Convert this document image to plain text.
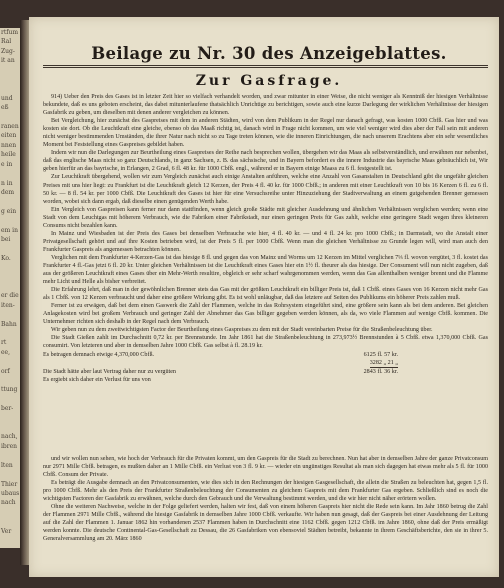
rtfum
Ral
Zug-
it an

und
eß

ranen
eiten
nnen
heile
e in

n in
dem

g ein

em in
bei

Ko.

er die
iten-

Bahn

rt
ee,

orf

ttung

ber-

nach,
ibren

lten

Thier
ubaus
nach

Ver
Beilage zu Nr. 30 des Anzeigeblattes.
Zur Gasfrage.

914) Ueber den Preis des Gases ist in letzter Zeit hier so vielfach verhandelt worden, und zwar mitunter in einer Weise, die nicht weniger als Kenntniß der hiesigen Verhältnisse bekundete, daß es uns geboten erscheint, das dabei mitunterlaufene thatsächlich Unrichtige zu berichtigen, sowie auch eine kurze Darlegung der wirklichen Verhältnisse der hiesigen Gasfabrik zu geben, um dieselben mit denen anderer vergleichen zu können.

Bei Vergleichung, hier zunächst des Gaspreises mit dem in anderen Städten, wird von dem Publikum in der Regel nur danach gefragt, was kosten 1000 Cbfß. Gas hier und was kosten sie dort. Ob die Leuchtkraft eine gleiche, ebenso ob das Maaß richtig ist, danach wird in Frage nicht kommen, um wie viel weniger wird dies aber der Fall sein mit anderen nicht weniger bestimmenden Umständen, die ihrer Natur nach nicht so zu Tage treten können, wie die inneren Einrichtungen, die nach unserem Erachtens aber ein sehr wesentliches Moment bei Feststellung eines Gaspreises gebildet haben.

Indem wir nun die Darlegungen zur Beurtheilung eines Gaspreises der Reihe nach besprechen wollen, übergehen wir das Maas als selbstverständlich, und erwähnen nur nebenbei, daß das englische Maas nicht so ganz Deutschlands, in ganz Sachsen, z. B. das sächsische, und in Bayern befordert es die innere Industrie das bayrische Maas gebräuchlich ist, Wir geben hierfür an das bayrische, in Erlangen, 2 Grad, 6 fl. 48 kr. für 1000 Cbfß. engl., während er in Bayern einige Maass zu 6 fl. festgestellt ist.

Zur Leuchtkraft übergehend, wollen wir zum Vergleich zunächst auch einige Anstalten anführen, welche eine Anzahl von Gasanstalten in Deutschland gibt die ungefähr gleichen Preises mit uns hier liegt: zu Frankfurt ist die Leuchtkraft gleich 12 Kerzen, der Preis 4 fl. 40 kr. für 1000 Cbfß.; in anderen mit einer Leuchtkraft von 10 bis 16 Kerzen 6 fl. zu 6 fl. 50 kr. — 8 fl. 54 kr. per 1000 Cbfß. Die Leuchtkraft des Gases ist hier für eine Versuchsreihe unter Hinzuziehung der Stadtverwaltung an einem gutgehenden Brenner gemessen worden, wobei sich dann ergab, daß dieselbe einen genügenden Werth habe.

Ein Vergleich von Gaspreisen kann ferner nur dann stattfinden, wenn gleich große Städte mit gleicher Ausdehnung und ähnlichen Verhältnissen verglichen werden; wenn eine Stadt von dem Leuchtgas mit höherem Verbrauch, wie die Fabriken einer Fabrikstadt, nur einen geringen Preis für Gas zahlt, welche eine geringere Stadt wegen ihres kleineren Consums nicht bezahlen kann.

In Mainz und Wiesbaden ist der Preis des Gases bei denselben Verbrauche wie hier, 4 fl. 40 kr. — und 4 fl. 24 kr. pro 1000 Cbfß.; in Darmstadt, wo die Anstalt einer Privatgesellschaft gehört und auf ihre Kosten betrieben wird, ist der Preis 5 fl. per 1000 Cbfß. Wenn man die gleichen Verhältnisse zu Grunde legen will, wird man auch den Frankfurter Gaspreis als angemessen betrachten können.

Verglichen mit dem Frankfurter 4-Kerzen-Gas ist das hiesige 8 fl. und gegen das von Mainz und Worms um 12 Kerzen im Mittel verglichen 7⅓ fl. wovon vergütet, 3 fl. kostet das Frankfurter 4 fl.-Gas jetzt 6 fl. 20 kr. Unter gleichen Verhältnissen ist die Leuchtkraft eines Gases hier ein 1½ fl. theurer als das hiesige. Der Consument will nun nicht zugeben, daß aus der größeren Leuchtkraft eines Gases über ein Mehr-Werth resultire, obgleich er sehr scharf wahrgenommen werden, wenn das Gas allenthalben weniger brennt und die Flamme mehr Licht und Helle als bisher verbreitet.

Die Erfahrung lehrt, daß man in der gewöhnlichen Brenner stets das Gas mit der größten Leuchtkraft ein billiger Preis ist, daß 1 Cbfß. eines Gases von 16 Kerzen nicht mehr Gas als 1 Cbfß. von 12 Kerzen verbraucht und daher eine größere Wirkung gibt. Es ist wohl unläugbar, daß das letztere auf Seiten des Publikums ein höherer Preis zahlen muß.

Ferner ist zu erwägen, daß bei dem einen Gaswerk die Zahl der Flammen, welche in das Rohrsystem eingeführt sind, eine größere sein kann als bei dem anderen. Bei gleichen Anlagekosten wird bei großem Verbrauch und geringer Zahl der Abnehmer das Gas billiger gegeben werden können, als da, wo viele Flammen auf wenige Cbfß. kommen. Die Unternehmer richten sich deshalb in der Regel nach dem Verbrauch.

Wir geben nun zu dem zweitwichtigsten Factor der Beurtheilung eines Gaspreises zu dem mit der Stadt vereinbarten Preise für die Straßenbeleuchtung über.

Die Stadt Gießen zahlt im Durchschnitt 0,72 kr. per Brennstunde. Im Jahr 1861 hat die Straßenbeleuchtung in 273,973½ Brennstunden à 5 Cbfß. etwa 1,370,000 Cbfß. Gas consumirt. Von letzteren und aber in demselben Jahre 1000 Cbfß. Gas selbst à fl. 28.19 kr.

Es betragen demnach etwige 4,370,000 Cbfß.	6125 fl. 57 kr.
3282 „ 21 „
Die Stadt hätte aber laut Vertrag daher nur zu vergüten	2843 fl. 36 kr.
Es ergiebt sich daher ein Verlust für uns von

und wir wollen nun sehen, wie hoch der Verbrauch für die Privaten kommt, um den Gaspreis für die Stadt zu berechnen. Nun hat aber in demselben Jahre der ganze Privatconsum nur 2971 Mille Cbfß. betragen, es mußten daher an 1 Mille Cbfß. ein Verlust von 3 fl. 9 kr. — wieder ein ungünstiges Resultat als man sich dagegen hat etwas mehr als 5 fl. für 1000 Cbfß. Consum der Private.

Es beträgt die Ausgabe demnach an den Privatconsumenten, wie dies sich in den Rechnungen der hiesigen Gasgesellschaft, die allein die Straßen zu beleuchten hat, gegen 1,5 fl. pro 1000 Cbfß. Mehr als den Preis der Frankfurter Straßenbeleuchtung der Consumenten zu gleichem Gaspreis mit dem Frankfurter Gas ergeben. Schließlich sind es noch die wichtigsten Factoren der Gasfabrik zu erwähnen, welche durch den Gebrauch und die Verwaltung bestimmt werden, und die wir hier nicht näher erörtern wollen.

Ohne die weiteren Nachweise, welche in der Folge geliefert werden, halten wir fest, daß von einem höheren Gaspreis hier nicht die Rede sein kann. Im Jahr 1860 betrug die Zahl der Flammen 2971 Mille Cbfß., während die hiesige Gasfabrik in demselben Jahre 1000 Cbfß. verkaufte. Wir haben nun gesagt, daß der Gaspreis bei einer Ausdehnung der Leitung auf die Zahl der Flammen 1. Januar 1862 hin vorhandenen 2537 Flammen haben in Durchschnitt eine 1162 Cbfß. gegen 1212 Cbfß. im Jahre 1860, ohne daß der Preis ermäßigt werden konnte. Die deutsche Continental-Gas-Gesellschaft zu Dessau, die 26 Gasfabriken von ebensoviel Städten betreibt, bekannte in ihrem Geschäftsberichte, den sie in ihrer 5. Generalversammlung am 20. März 1860
